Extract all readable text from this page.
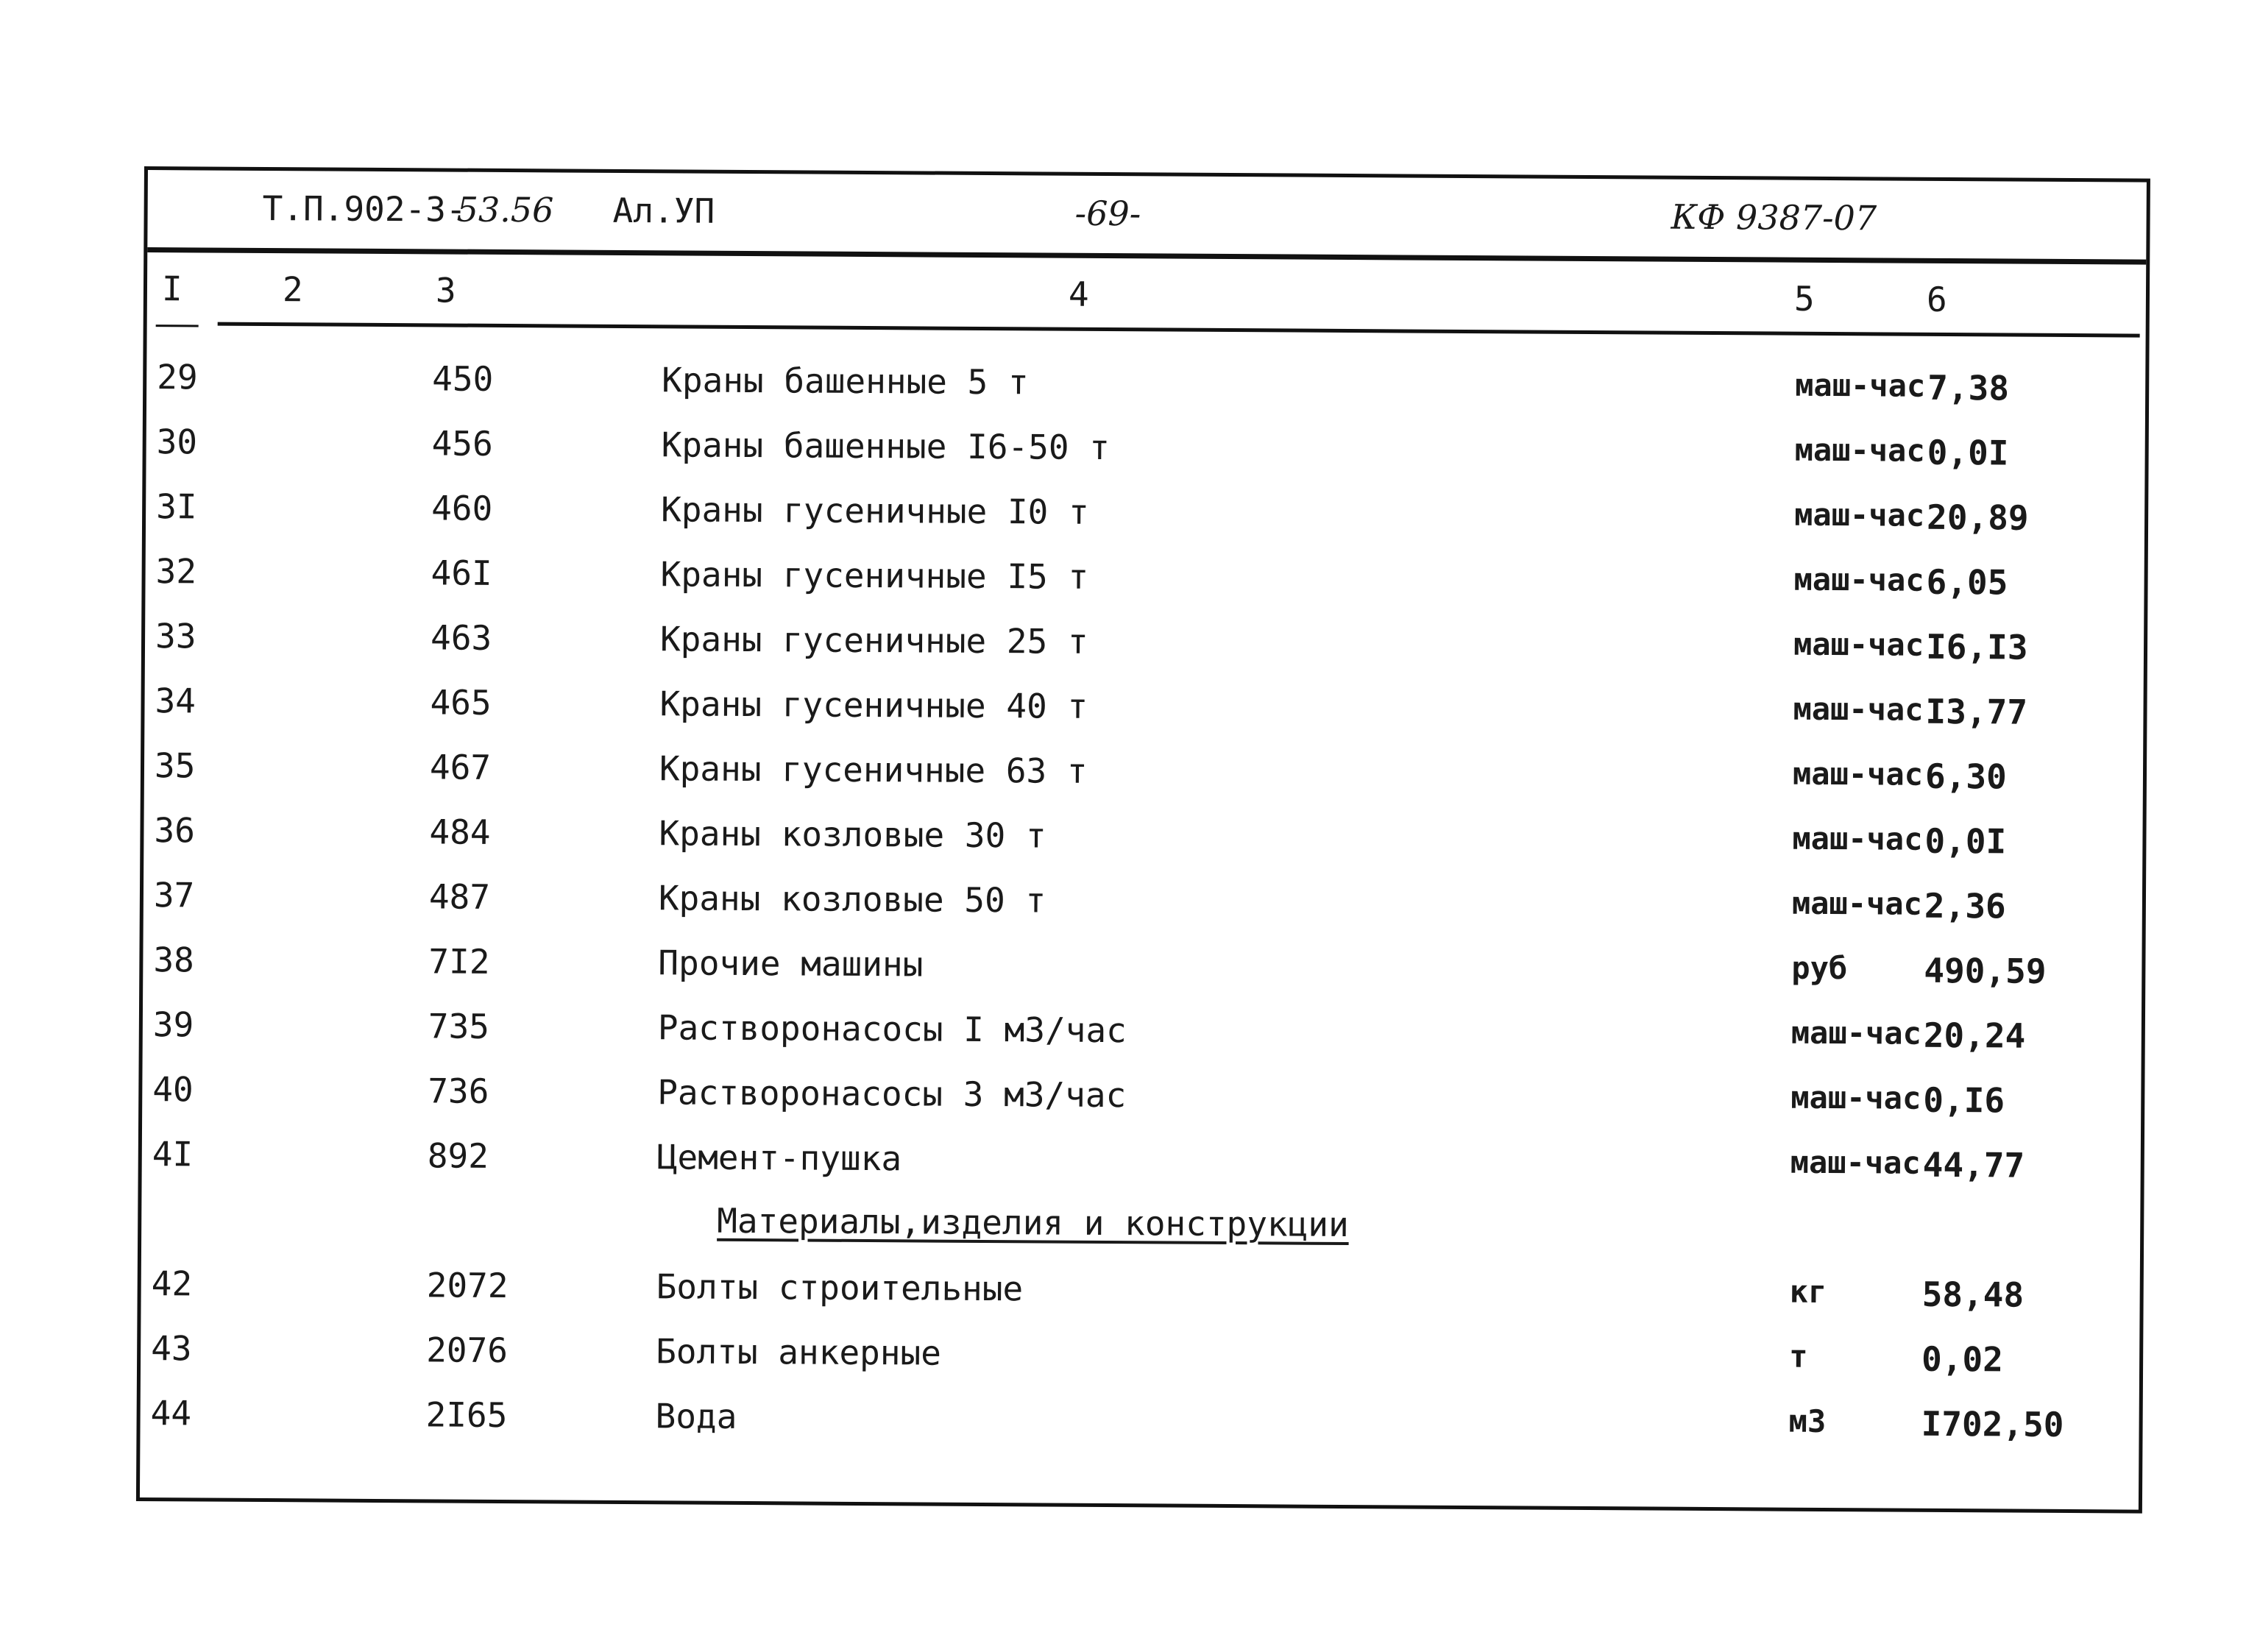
Т.П.902-3-
53.56 Ал.УП	-69-	КФ 9387-07
I	2	3	4	5	6
29	450	Краны башенные 5 т	маш-час 7,38
30	456	Краны башенные I6-50 т	маш-час 0,0I
3I	460	Краны гусеничные I0 т	маш-час 20,89
32	46I	Краны гусеничные I5 т	маш-час 6,05
33	463	Краны гусеничные 25 т	маш-час I6,I3
34	465	Краны гусеничные 40 т	маш-час I3,77
35	467	Краны гусеничные 63 т	маш-час 6,30
36	484	Краны козловые 30 т	маш-час 0,0I
37	487	Краны козловые 50 т	маш-час 2,36
38	7I2	Прочие машины	руб 490,59
39	735	Растворонасосы I м3/час	маш-час 20,24
40	736	Растворонасосы 3 м3/час	маш-час 0,I6
4I	892	Цемент-пушка	маш-час 44,77
Материалы,изделия и конструкции
42	2072	Болты строительные	кг	58,48
43	2076	Болты анкерные	т	0,02
44	2I65	Вода	м3	I702,50
